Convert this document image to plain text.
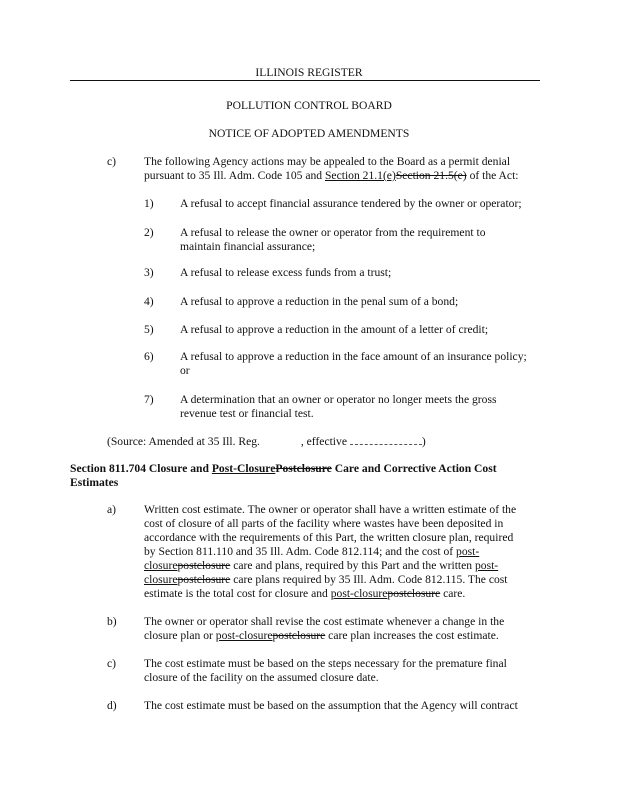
ILLINOIS REGISTER
POLLUTION CONTROL BOARD
NOTICE OF ADOPTED AMENDMENTS
c) The following Agency actions may be appealed to the Board as a permit denial
pursuant to 35 Ill. Adm. Code 105 and Section 21.1(e)Section 21.5(e) of the Act:
1) A refusal to accept financial assurance tendered by the owner or operator;
2) A refusal to release the owner or operator from the requirement to
maintain financial assurance;
3) A refusal to release excess funds from a trust;
4) A refusal to approve a reduction in the penal sum of a bond;
5) A refusal to approve a reduction in the amount of a letter of credit;
6) A refusal to approve a reduction in the face amount of an insurance policy;
or
7) A determination that an owner or operator no longer meets the gross
revenue test or financial test.
(Source: Amended at 35 Ill. Reg.	, effective	)
Section 811.704 Closure and Post-ClosurePostclosure Care and Corrective Action Cost
Estimates
a) Written cost estimate. The owner or operator shall have a written estimate of the
cost of closure of all parts of the facility where wastes have been deposited in
accordance with the requirements of this Part, the written closure plan, required
by Section 811.110 and 35 Ill. Adm. Code 812.114; and the cost of post-
closurepostclosure care and plans, required by this Part and the written post-
closurepostclosure care plans required by 35 Ill. Adm. Code 812.115. The cost
estimate is the total cost for closure and post-closurepostclosure care.
b) The owner or operator shall revise the cost estimate whenever a change in the
closure plan or post-closurepostclosure care plan increases the cost estimate.
c) The cost estimate must be based on the steps necessary for the premature final
closure of the facility on the assumed closure date.
d) The cost estimate must be based on the assumption that the Agency will contract
